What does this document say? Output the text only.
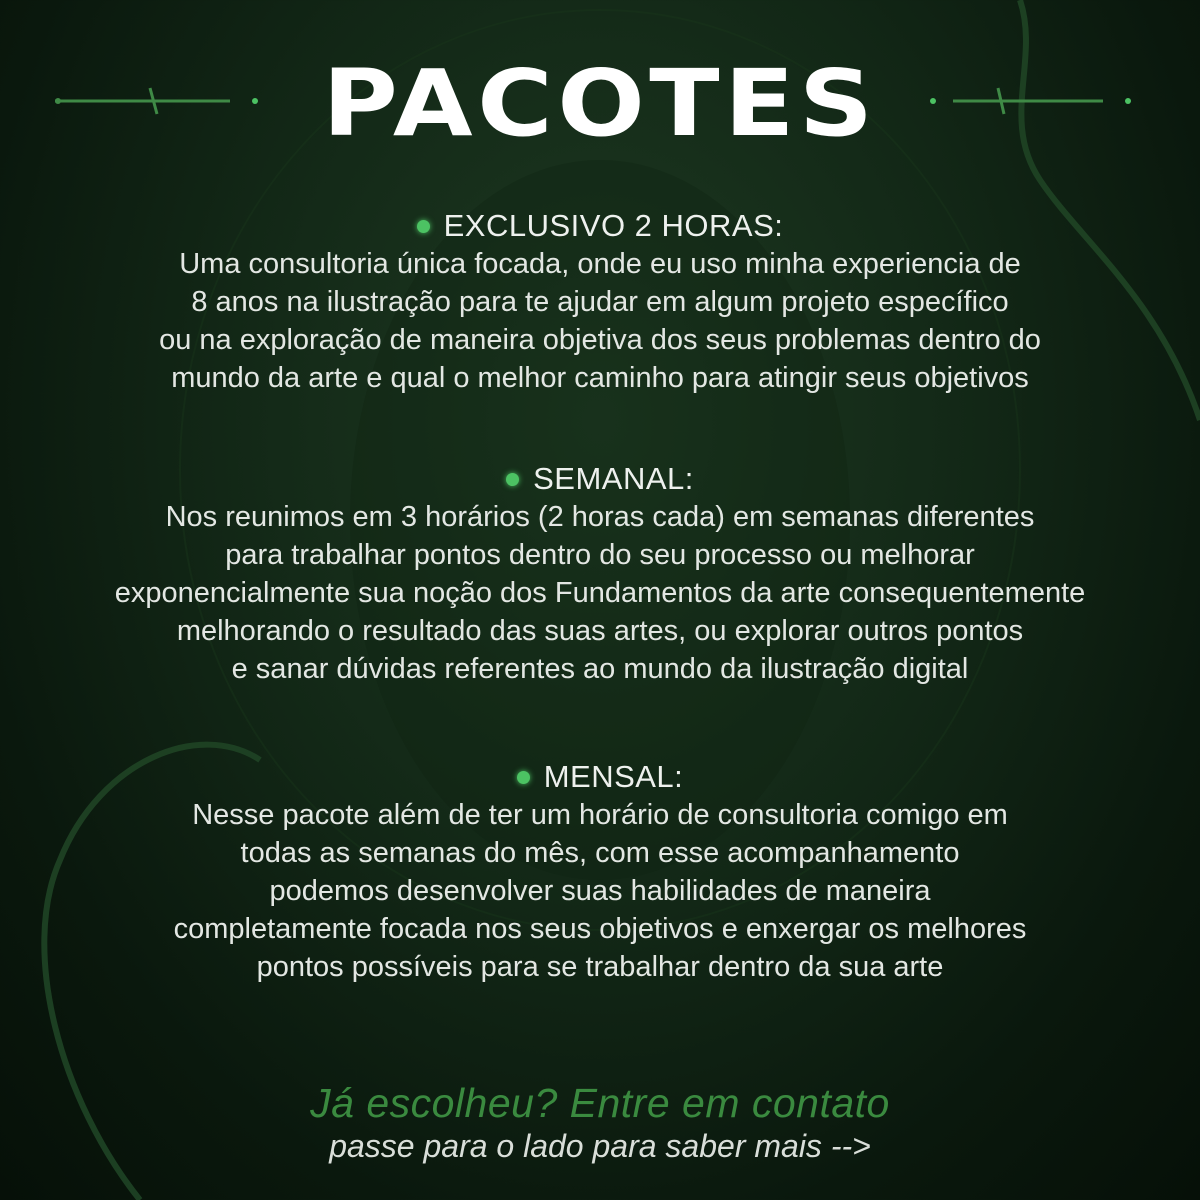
PACOTES
EXCLUSIVO 2 HORAS:
Uma consultoria única focada, onde eu uso minha experiencia de
8 anos na ilustração para te ajudar em algum projeto específico
ou na exploração de maneira objetiva dos seus problemas dentro do
mundo da arte e qual o melhor caminho para atingir seus objetivos
SEMANAL:
Nos reunimos em 3 horários (2 horas cada) em semanas diferentes
para trabalhar pontos dentro do seu processo ou melhorar
exponencialmente sua noção dos Fundamentos da arte consequentemente
melhorando o resultado das suas artes, ou explorar outros pontos
e sanar dúvidas referentes ao mundo da ilustração digital
MENSAL:
Nesse pacote além de ter um horário de consultoria comigo em
todas as semanas do mês, com esse acompanhamento
podemos desenvolver suas habilidades de maneira
completamente focada nos seus objetivos e enxergar os melhores
pontos possíveis para se trabalhar dentro da sua arte
Já escolheu? Entre em contato
passe para o lado para saber mais -->
